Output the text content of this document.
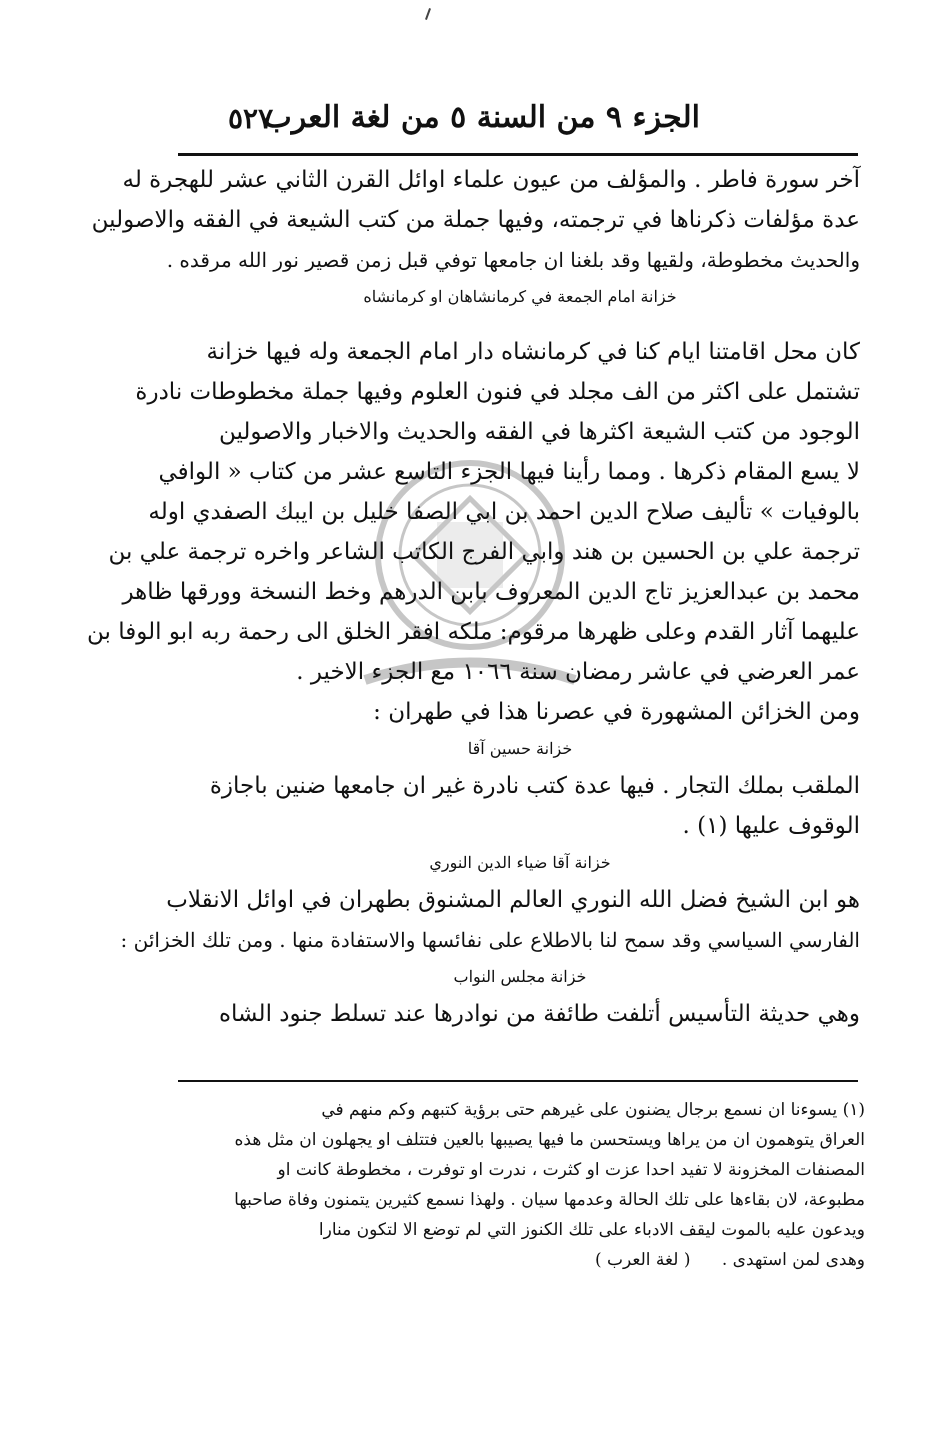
الجزء ٩ من السنة ٥ من لغة العرب
٥٢٧
آخر سورة فاطر . والمؤلف من عيون علماء اوائل القرن الثاني عشر للهجرة له
عدة مؤلفات ذكرناها في ترجمته، وفيها جملة من كتب الشيعة في الفقه والاصولين
والحديث مخطوطة، ولقيها وقد بلغنا ان جامعها توفي قبل زمن قصير نور الله مرقده .
خزانة امام الجمعة في كرمانشاهان او كرمانشاه
كان محل اقامتنا ايام كنا في كرمانشاه دار امام الجمعة وله فيها خزانة
تشتمل على اكثر من الف مجلد في فنون العلوم وفيها جملة مخطوطات نادرة
الوجود من كتب الشيعة اكثرها في الفقه والحديث والاخبار والاصولين
لا يسع المقام ذكرها . ومما رأينا فيها الجزء التاسع عشر من كتاب « الوافي
بالوفيات » تأليف صلاح الدين احمد بن ابي الصفا خليل بن ايبك الصفدي اوله
ترجمة علي بن الحسين بن هند وابي الفرج الكاتب الشاعر واخره ترجمة علي بن
محمد بن عبدالعزيز تاج الدين المعروف بابن الدرهم وخط النسخة وورقها ظاهر
عليهما آثار القدم وعلى ظهرها مرقوم: ملكه افقر الخلق الى رحمة ربه ابو الوفا بن
عمر العرضي في عاشر رمضان سنة ١٠٦٦ مع الجزء الاخير .
ومن الخزائن المشهورة في عصرنا هذا في طهران :
خزانة حسين آقا
الملقب بملك التجار . فيها عدة كتب نادرة غير ان جامعها ضنين باجازة
الوقوف عليها (١) .
خزانة آقا ضياء الدين النوري
هو ابن الشيخ فضل الله النوري العالم المشنوق بطهران في اوائل الانقلاب
الفارسي السياسي وقد سمح لنا بالاطلاع على نفائسها والاستفادة منها . ومن تلك الخزائن :
خزانة مجلس النواب
وهي حديثة التأسيس أتلفت طائفة من نوادرها عند تسلط جنود الشاه
(١) يسوءنا ان نسمع برجال يضنون على غيرهم حتى برؤية كتبهم وكم منهم في
العراق يتوهمون ان من يراها ويستحسن ما فيها يصيبها بالعين فتتلف او يجهلون ان مثل هذه
المصنفات المخزونة لا تفيد احدا عزت او كثرت ، ندرت او توفرت ، مخطوطة كانت او
مطبوعة، لان بقاءها على تلك الحالة وعدمها سيان . ولهذا نسمع كثيرين يتمنون وفاة صاحبها
ويدعون عليه بالموت ليقف الادباء على تلك الكنوز التي لم توضع الا لتكون منارا
وهدى لمن استهدى .
( لغة العرب )
